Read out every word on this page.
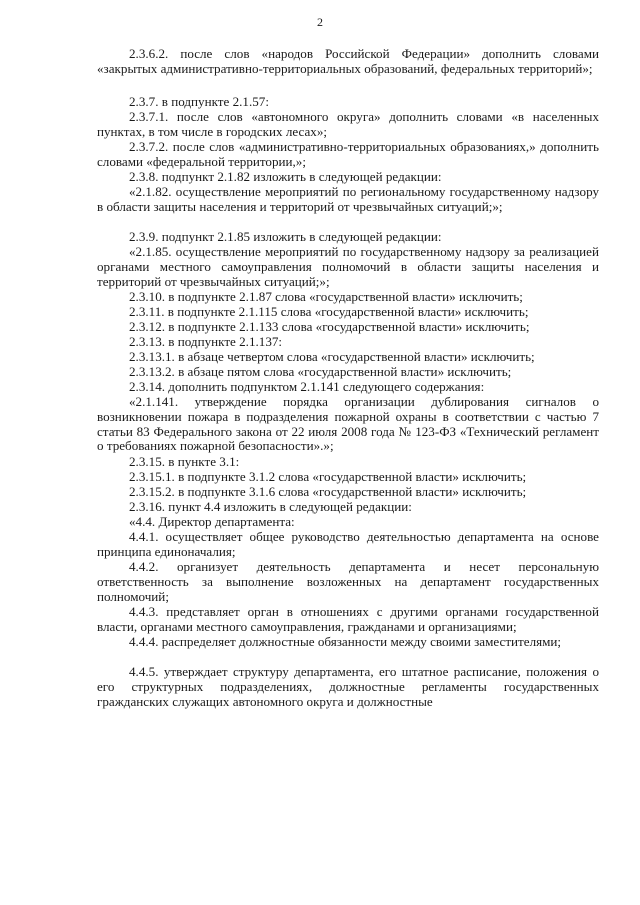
2

2.3.6.2. после слов «народов Российской Федерации» дополнить словами «закрытых административно-территориальных образований, федеральных территорий»;

2.3.7. в подпункте 2.1.57:

2.3.7.1. после слов «автономного округа» дополнить словами «в населенных пунктах, в том числе в городских лесах»;

2.3.7.2. после слов «административно-территориальных образованиях,» дополнить словами «федеральной территории,»;

2.3.8. подпункт 2.1.82 изложить в следующей редакции:

«2.1.82. осуществление мероприятий по региональному государственному надзору в области защиты населения и территорий от чрезвычайных ситуаций;»;

2.3.9. подпункт 2.1.85 изложить в следующей редакции:

«2.1.85. осуществление мероприятий по государственному надзору за реализацией органами местного самоуправления полномочий в области защиты населения и территорий от чрезвычайных ситуаций;»;

2.3.10. в подпункте 2.1.87 слова «государственной власти» исключить;

2.3.11. в подпункте 2.1.115 слова «государственной власти» исключить;

2.3.12. в подпункте 2.1.133 слова «государственной власти» исключить;

2.3.13. в подпункте 2.1.137:

2.3.13.1. в абзаце четвертом слова «государственной власти» исключить;

2.3.13.2. в абзаце пятом слова «государственной власти» исключить;

2.3.14. дополнить подпунктом 2.1.141 следующего содержания:

«2.1.141. утверждение порядка организации дублирования сигналов о возникновении пожара в подразделения пожарной охраны в соответствии с частью 7 статьи 83 Федерального закона от 22 июля 2008 года № 123-ФЗ «Технический регламент о требованиях пожарной безопасности».»;

2.3.15. в пункте 3.1:

2.3.15.1. в подпункте 3.1.2 слова «государственной власти» исключить;

2.3.15.2. в подпункте 3.1.6 слова «государственной власти» исключить;

2.3.16. пункт 4.4 изложить в следующей редакции:

«4.4. Директор департамента:

4.4.1. осуществляет общее руководство деятельностью департамента на основе принципа единоначалия;

4.4.2. организует деятельность департамента и несет персональную ответственность за выполнение возложенных на департамент государственных полномочий;

4.4.3. представляет орган в отношениях с другими органами государственной власти, органами местного самоуправления, гражданами и организациями;

4.4.4. распределяет должностные обязанности между своими заместителями;

4.4.5. утверждает структуру департамента, его штатное расписание, положения о его структурных подразделениях, должностные регламенты государственных гражданских служащих автономного округа и должностные
